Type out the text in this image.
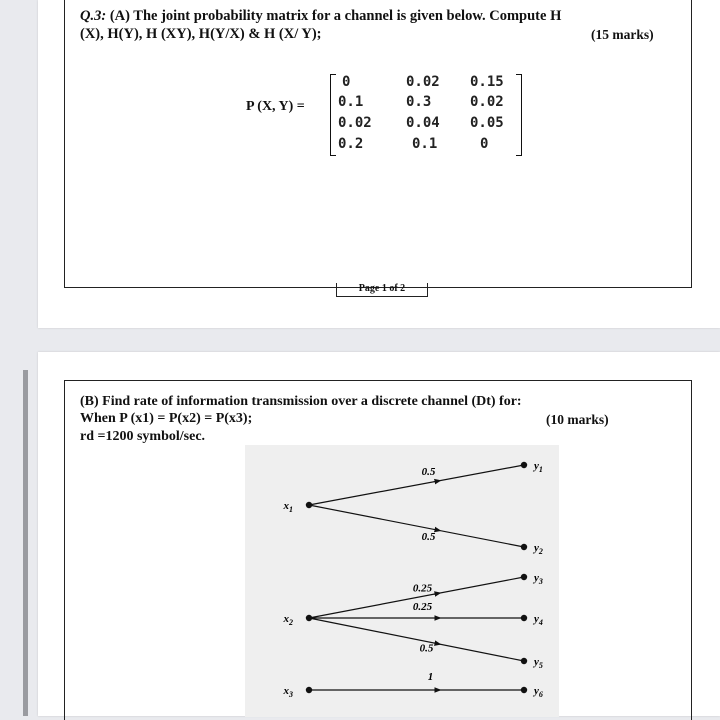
Q.3: (A) The joint probability matrix for a channel is given below. Compute H
(X), H(Y), H (XY), H(Y/X) & H (X/ Y);	(15 marks)
P (X, Y) =
0	0.02 0.15
0.1	0.3	0.02
0.02 0.04 0.05
0.2	0.1	0
Page 1 of 2
(B) Find rate of information transmission over a discrete channel (Dt) for:
When P (x1) = P(x2) = P(x3);	(10 marks)
rd =1200 symbol/sec.
$x_1$
$x_2$
$x_3$
$y_1$
$y_2$
$y_3$
$y_4$
$y_5$
$y_6$
0.5
0.5
0.25
0.25
0.5
1
